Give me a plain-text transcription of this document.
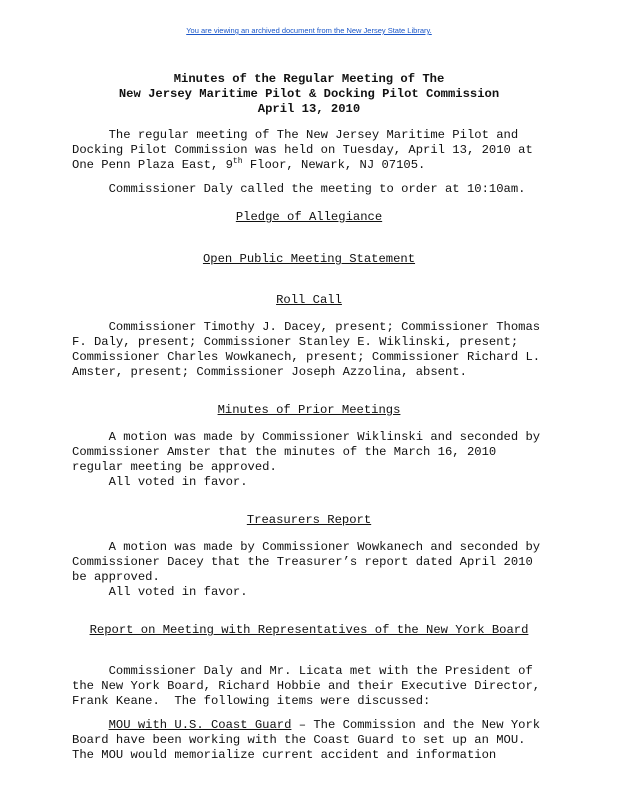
You are viewing an archived document from the New Jersey State Library.
Minutes of the Regular Meeting of The
New Jersey Maritime Pilot & Docking Pilot Commission
April 13, 2010
The regular meeting of The New Jersey Maritime Pilot and
Docking Pilot Commission was held on Tuesday, April 13, 2010 at
One Penn Plaza East, 9th Floor, Newark, NJ 07105.
Commissioner Daly called the meeting to order at 10:10am.
Pledge of Allegiance
Open Public Meeting Statement
Roll Call
Commissioner Timothy J. Dacey, present; Commissioner Thomas
F. Daly, present; Commissioner Stanley E. Wiklinski, present;
Commissioner Charles Wowkanech, present; Commissioner Richard L.
Amster, present; Commissioner Joseph Azzolina, absent.
Minutes of Prior Meetings
A motion was made by Commissioner Wiklinski and seconded by
Commissioner Amster that the minutes of the March 16, 2010
regular meeting be approved.
All voted in favor.
Treasurers Report
A motion was made by Commissioner Wowkanech and seconded by
Commissioner Dacey that the Treasurer’s report dated April 2010
be approved.
All voted in favor.
Report on Meeting with Representatives of the New York Board
Commissioner Daly and Mr. Licata met with the President of
the New York Board, Richard Hobbie and their Executive Director,
Frank Keane.  The following items were discussed:
MOU with U.S. Coast Guard – The Commission and the New York
Board have been working with the Coast Guard to set up an MOU.
The MOU would memorialize current accident and information
